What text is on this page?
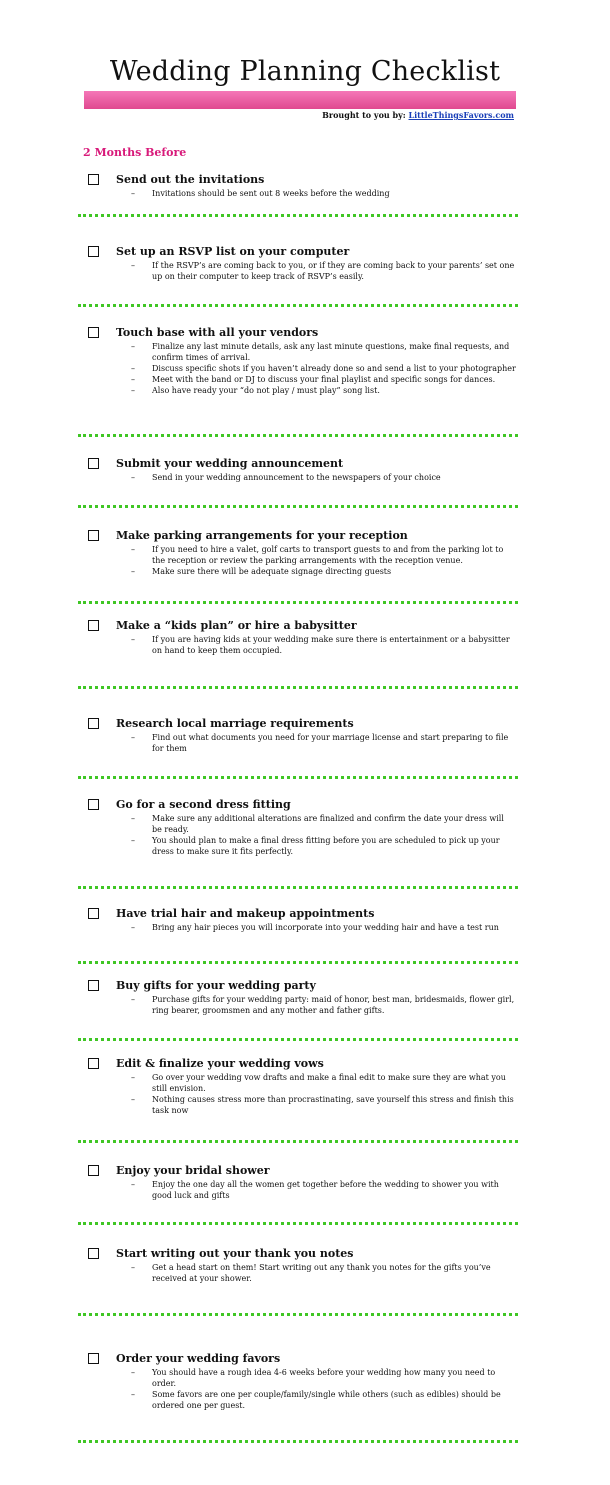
Wedding Planning Checklist
Brought to you by: LittleThingsFavors.com
2 Months Before
Send out the invitations
– Invitations should be sent out 8 weeks before the wedding
Set up an RSVP list on your computer
– If the RSVP’s are coming back to you, or if they are coming back to your parents’ set one up on their computer to keep track of RSVP’s easily.
Touch base with all your vendors
– Finalize any last minute details, ask any last minute questions, make final requests, and confirm times of arrival.
– Discuss specific shots if you haven’t already done so and send a list to your photographer
– Meet with the band or DJ to discuss your final playlist and specific songs for dances.
– Also have ready your “do not play / must play” song list.
Submit your wedding announcement
– Send in your wedding announcement to the newspapers of your choice
Make parking arrangements for your reception
– If you need to hire a valet, golf carts to transport guests to and from the parking lot to the reception or review the parking arrangements with the reception venue.
– Make sure there will be adequate signage directing guests
Make a “kids plan” or hire a babysitter
– If you are having kids at your wedding make sure there is entertainment or a babysitter on hand to keep them occupied.
Research local marriage requirements
– Find out what documents you need for your marriage license and start preparing to file for them
Go for a second dress fitting
– Make sure any additional alterations are finalized and confirm the date your dress will be ready.
– You should plan to make a final dress fitting before you are scheduled to pick up your dress to make sure it fits perfectly.
Have trial hair and makeup appointments
– Bring any hair pieces you will incorporate into your wedding hair and have a test run
Buy gifts for your wedding party
– Purchase gifts for your wedding party: maid of honor, best man, bridesmaids, flower girl, ring bearer, groomsmen and any mother and father gifts.
Edit & finalize your wedding vows
– Go over your wedding vow drafts and make a final edit to make sure they are what you still envision.
– Nothing causes stress more than procrastinating, save yourself this stress and finish this task now
Enjoy your bridal shower
– Enjoy the one day all the women get together before the wedding to shower you with good luck and gifts
Start writing out your thank you notes
– Get a head start on them! Start writing out any thank you notes for the gifts you’ve received at your shower.
Order your wedding favors
– You should have a rough idea 4-6 weeks before your wedding how many you need to order.
– Some favors are one per couple/family/single while others (such as edibles) should be ordered one per guest.
